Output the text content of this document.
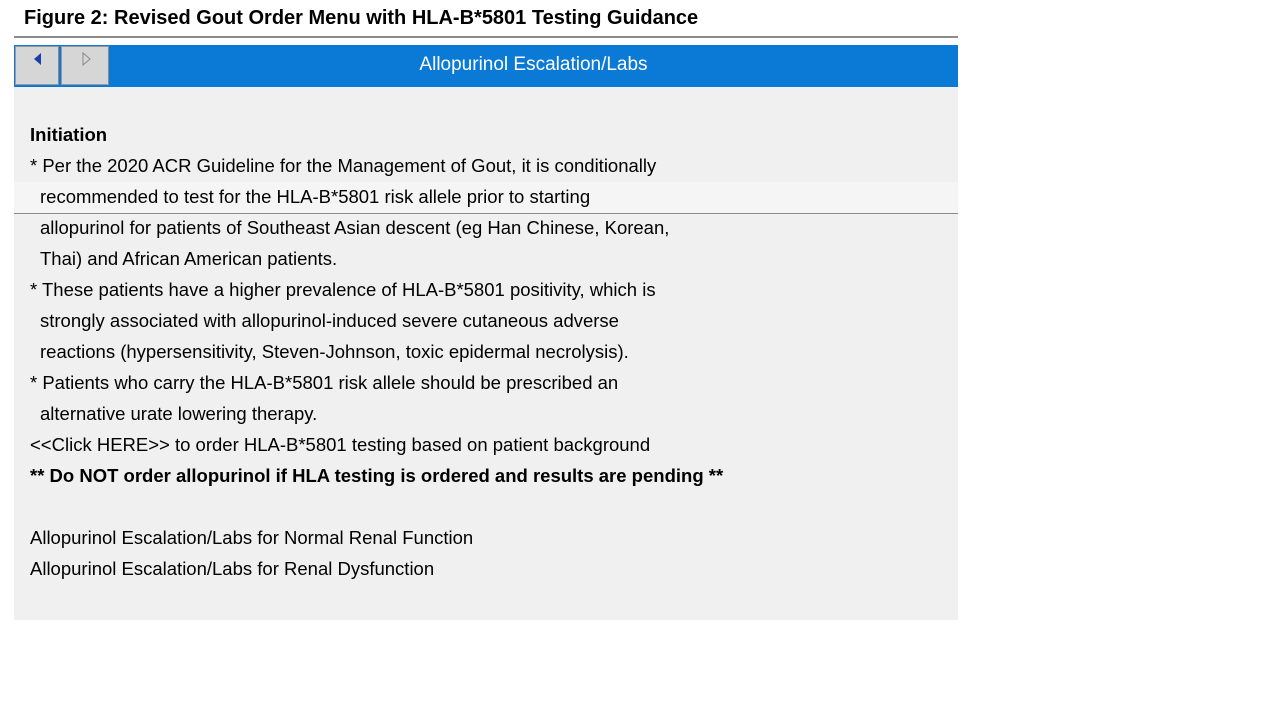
Figure 2: Revised Gout Order Menu with HLA-B*5801 Testing Guidance
Allopurinol Escalation/Labs
Initiation
* Per the 2020 ACR Guideline for the Management of Gout, it is conditionally
recommended to test for the HLA-B*5801 risk allele prior to starting
allopurinol for patients of Southeast Asian descent (eg Han Chinese, Korean,
Thai) and African American patients.
* These patients have a higher prevalence of HLA-B*5801 positivity, which is
strongly associated with allopurinol-induced severe cutaneous adverse
reactions (hypersensitivity, Steven-Johnson, toxic epidermal necrolysis).
* Patients who carry the HLA-B*5801 risk allele should be prescribed an
alternative urate lowering therapy.
<<Click HERE>> to order HLA-B*5801 testing based on patient background
** Do NOT order allopurinol if HLA testing is ordered and results are pending **
Allopurinol Escalation/Labs for Normal Renal Function
Allopurinol Escalation/Labs for Renal Dysfunction
